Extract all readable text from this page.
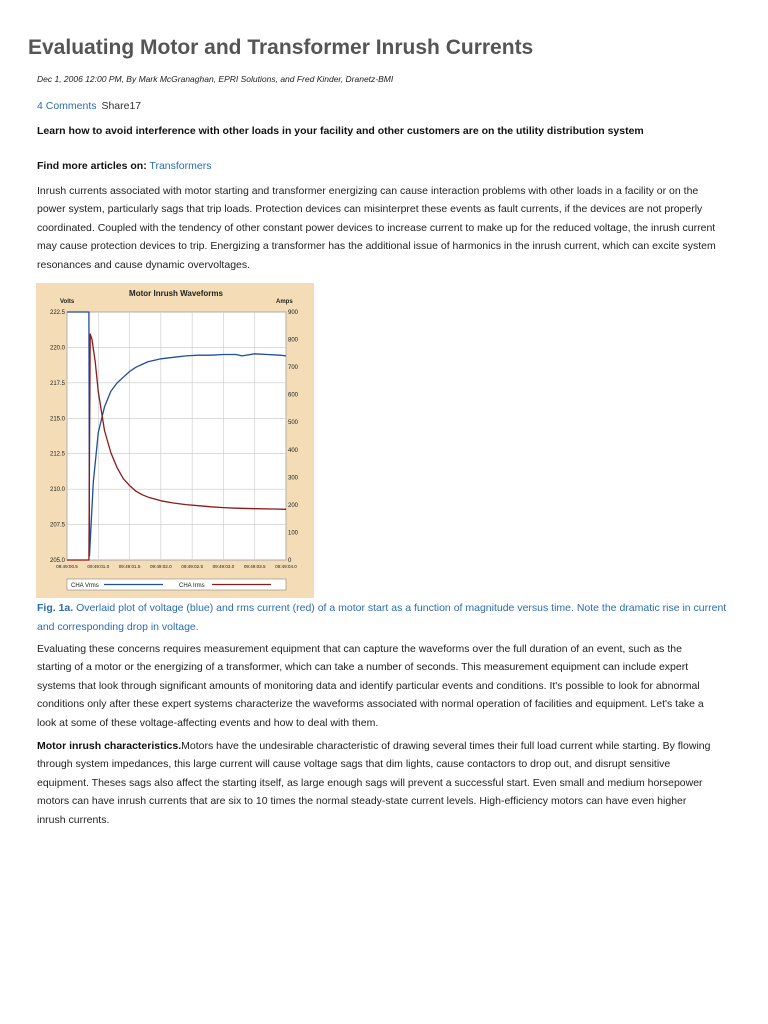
Evaluating Motor and Transformer Inrush Currents
Dec 1, 2006 12:00 PM, By Mark McGranaghan, EPRI Solutions, and Fred Kinder, Dranetz-BMI
4 Comments Share17
Learn how to avoid interference with other loads in your facility and other customers are on the utility distribution system
Find more articles on: Transformers

Inrush currents associated with motor starting and transformer energizing can cause interaction problems with other loads in a facility or on the power system, particularly sags that trip loads. Protection devices can misinterpret these events as fault currents, if the devices are not properly coordinated. Coupled with the tendency of other constant power devices to increase current to make up for the reduced voltage, the inrush current may cause protection devices to trip. Energizing a transformer has the additional issue of harmonics in the inrush current, which can excite system resonances and cause dynamic overvoltages.

Motor Inrush Waveforms
Volts	Amps
222.5
220.0
217.5
215.0
212.5
210.0
207.5
205.0
900
800
700
600
500
400
300
200
100
0
09:49:00.5 09:49:01.0 09:49:01.5 09:49:02.0 09:49:02.5 09:49:03.0 09:49:03.5 09:49:04.0
CHA Vrms	CHA Irms

Fig. 1a. Overlaid plot of voltage (blue) and rms current (red) of a motor start as a function of magnitude versus time. Note the dramatic rise in current and corresponding drop in voltage.

Evaluating these concerns requires measurement equipment that can capture the waveforms over the full duration of an event, such as the starting of a motor or the energizing of a transformer, which can take a number of seconds. This measurement equipment can include expert systems that look through significant amounts of monitoring data and identify particular events and conditions. It's possible to look for abnormal conditions only after these expert systems characterize the waveforms associated with normal operation of facilities and equipment. Let's take a look at some of these voltage-affecting events and how to deal with them.

Motor inrush characteristics.Motors have the undesirable characteristic of drawing several times their full load current while starting. By flowing through system impedances, this large current will cause voltage sags that dim lights, cause contactors to drop out, and disrupt sensitive equipment. Theses sags also affect the starting itself, as large enough sags will prevent a successful start. Even small and medium horsepower motors can have inrush currents that are six to 10 times the normal steady-state current levels. High-efficiency motors can have even higher inrush currents.
